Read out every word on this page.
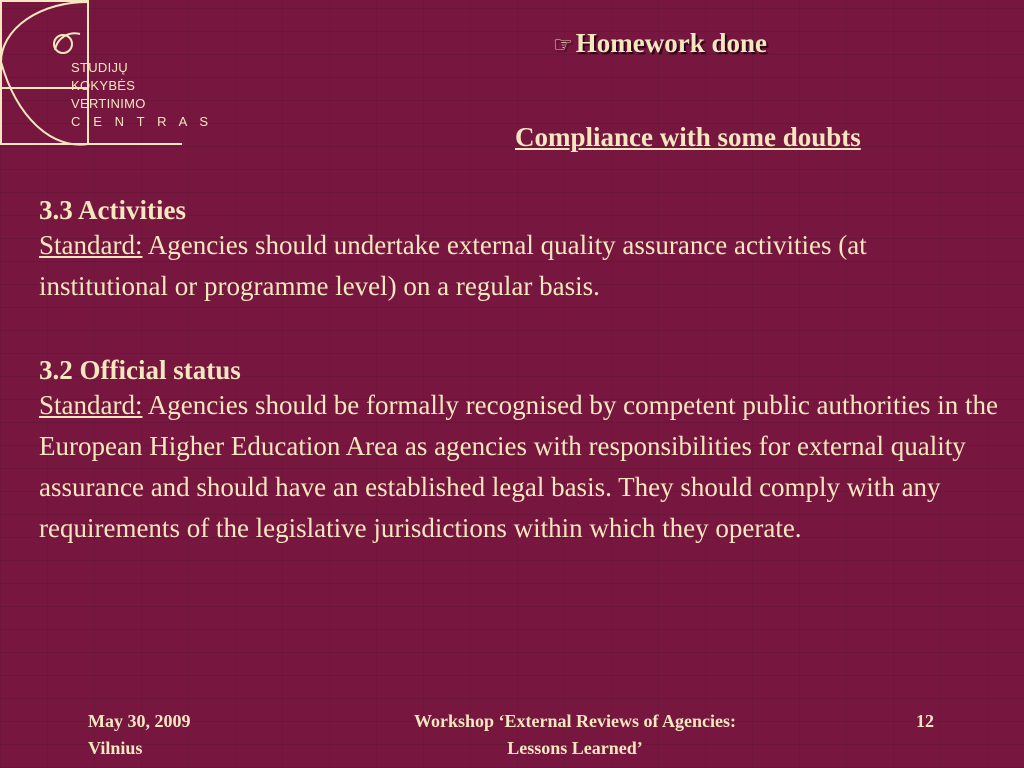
STUDIJŲ
KOKYBĖS
VERTINIMO
C E N T R A S
☞ Homework done
Compliance with some doubts
3.3 Activities

Standard: Agencies should undertake external quality assurance activities (at institutional or programme level) on a regular basis.

3.2 Official status

Standard: Agencies should be formally recognised by competent public authorities in the European Higher Education Area as agencies with responsibilities for external quality assurance and should have an established legal basis. They should comply with any requirements of the legislative jurisdictions within which they operate.

May 30, 2009
Vilnius
Workshop ‘External Reviews of Agencies:
Lessons Learned’
12
